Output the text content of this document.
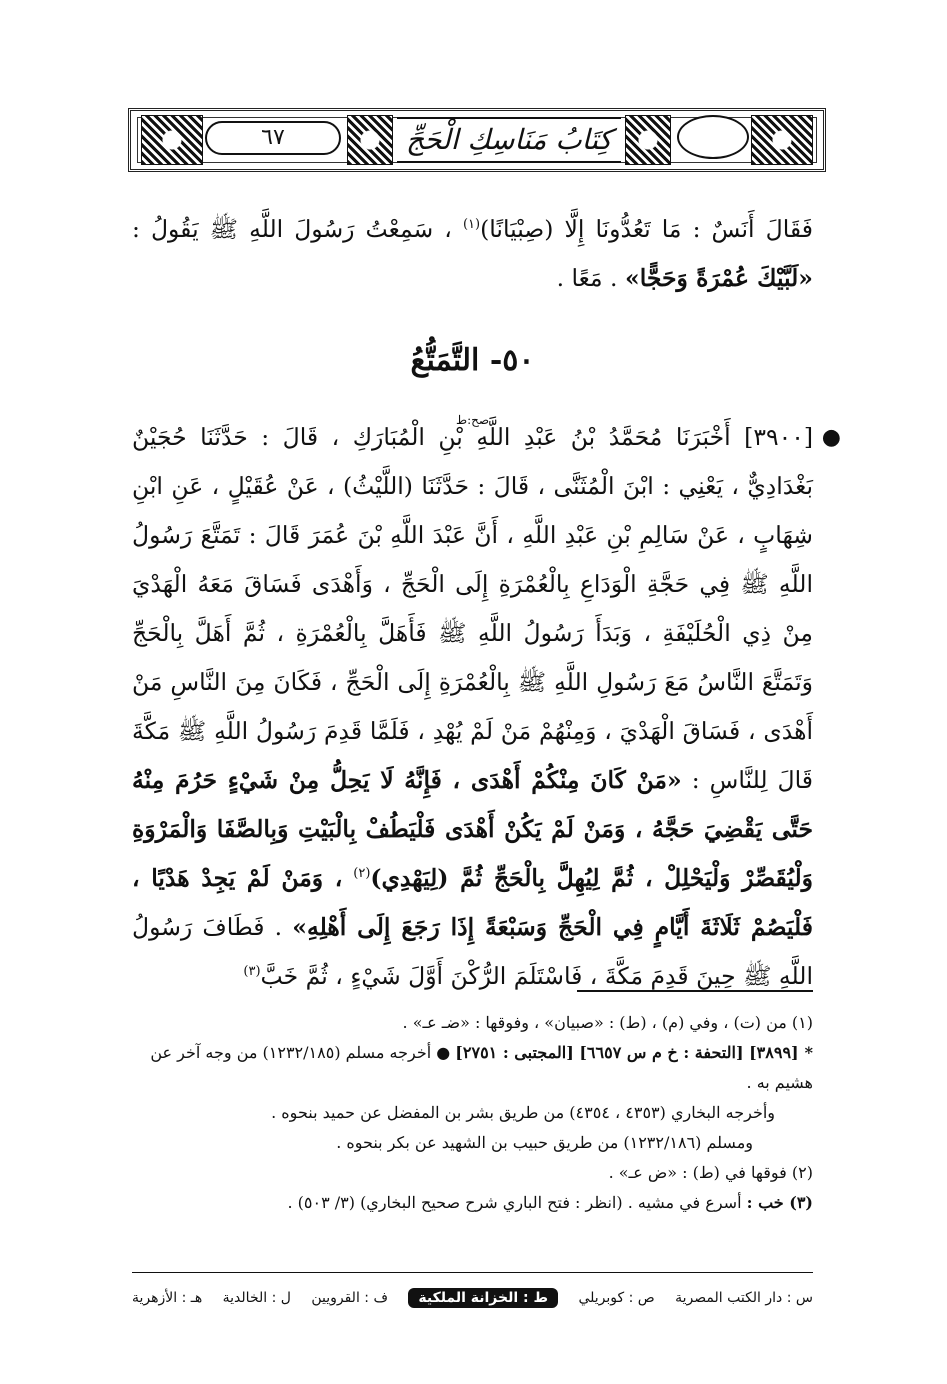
٦٧	كِتَابُ مَنَاسِكِ الْحَجِّ

فَقَالَ أَنَسٌ : مَا تَعُدُّونَا إِلَّا (صِبْيَانًا)$^{(١)}$ ، سَمِعْتُ رَسُولَ اللَّهِ ﷺ يَقُولُ : «لَبَّيْكَ عُمْرَةً وَحَجًّا» . مَعًا .

٥٠- التَّمَتُّعُ

●
[٣٩٠٠] أَخْبَرَنَا مُحَمَّدُ بْنُ عَبْدِ اللَّهِ بْنِ الْمُبَارَكِ ، قَالَ : حَدَّثَنَا حُجَيْنٌ بَغْدَادِيٌّ ، يَعْنِي : ابْنَ الْمُثَنَّى ، قَالَ : حَدَّثَنَا (اللَّيْثُ) ، عَنْ عُقَيْلٍ ، عَنِ ابْنِ شِهَابٍ ، عَنْ سَالِمِ بْنِ عَبْدِ اللَّهِ ، أَنَّ عَبْدَ اللَّهِ بْنَ عُمَرَ قَالَ : تَمَتَّعَ رَسُولُ اللَّهِ ﷺ فِي حَجَّةِ الْوَدَاعِ بِالْعُمْرَةِ إِلَى الْحَجِّ ، وَأَهْدَى فَسَاقَ مَعَهُ الْهَدْيَ مِنْ ذِي الْحُلَيْفَةِ ، وَبَدَأَ رَسُولُ اللَّهِ ﷺ فَأَهَلَّ بِالْعُمْرَةِ ، ثُمَّ أَهَلَّ بِالْحَجِّ وَتَمَتَّعَ النَّاسُ مَعَ رَسُولِ اللَّهِ ﷺ بِالْعُمْرَةِ إِلَى الْحَجِّ ، فَكَانَ مِنَ النَّاسِ مَنْ أَهْدَى ، فَسَاقَ الْهَدْيَ ، وَمِنْهُمْ مَنْ لَمْ يُهْدِ ، فَلَمَّا قَدِمَ رَسُولُ اللَّهِ ﷺ مَكَّةَ قَالَ لِلنَّاسِ : «مَنْ كَانَ مِنْكُمْ أَهْدَى ، فَإِنَّهُ لَا يَحِلُّ مِنْ شَيْءٍ حَرُمَ مِنْهُ حَتَّى يَقْضِيَ حَجَّهُ ، وَمَنْ لَمْ يَكُنْ أَهْدَى فَلْيَطُفْ بِالْبَيْتِ وَبِالصَّفَا وَالْمَرْوَةِ وَلْيُقَصِّرْ وَلْيَحْلِلْ ، ثُمَّ لِيُهِلَّ بِالْحَجِّ ثُمَّ (لِيَهْدِي)$^{(٢)}$ ، وَمَنْ لَمْ يَجِدْ هَدْيًا ، فَلْيَصُمْ ثَلَاثَةَ أَيَّامٍ فِي الْحَجِّ وَسَبْعَةً إِذَا رَجَعَ إِلَى أَهْلِهِ» . فَطَافَ رَسُولُ اللَّهِ ﷺ حِينَ قَدِمَ مَكَّةَ ، فَاسْتَلَمَ الرُّكْنَ أَوَّلَ شَيْءٍ ، ثُمَّ خَبَّ$^{(٣)}$

صح:ط

(١) من (ت) ، وفي (م) ، (ط) : «صبيان» ، وفوقها : «ضـ عـ» .

*[٣٨٩٩] [التحفة : خ م س ٦٦٥٧] [المجتبى : ٢٧٥١] ● أخرجه مسلم (١٢٣٢/١٨٥) من وجه آخر عن هشيم به .

وأخرجه البخاري (٤٣٥٣ ، ٤٣٥٤) من طريق بشر بن المفضل عن حميد بنحوه .

ومسلم (١٢٣٢/١٨٦) من طريق حبيب بن الشهيد عن بكر بنحوه .

(٢) فوقها في (ط) : «ض عـ» .

(٣) خب : أسرع في مشيه . (انظر : فتح الباري شرح صحيح البخاري) (٣/ ٥٠٣) .

س : دار الكتب المصرية
ص : كوبريلي
ط : الخزانة الملكية
ف : القرويين
ل : الخالدية
هـ : الأزهرية
